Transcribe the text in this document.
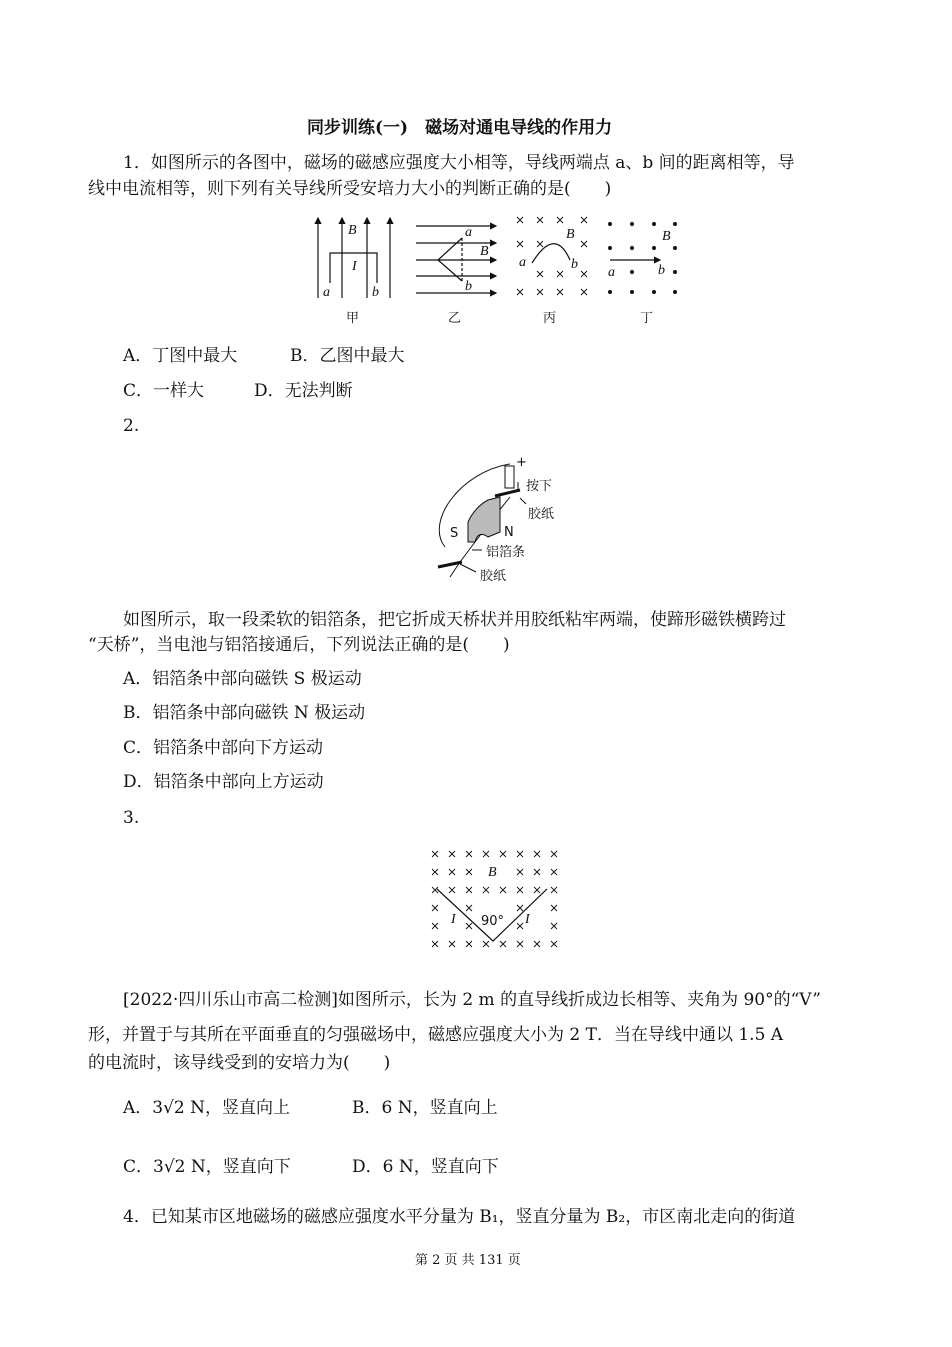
同步训练(一)　磁场对通电导线的作用力
1．如图所示的各图中，磁场的磁感应强度大小相等，导线两端点 a、b 间的距离相等，导
线中电流相等，则下列有关导线所受安培力大小的判断正确的是(　　)
B
I
a	b
a
B
b
B
a	b
B
a	b
甲	乙	丙	丁
A．丁图中最大	B．乙图中最大
C．一样大	D．无法判断
2.
+
按下
胶纸
S	N
铝箔条
胶纸
如图所示，取一段柔软的铝箔条，把它折成天桥状并用胶纸粘牢两端，使蹄形磁铁横跨过
“天桥”，当电池与铝箔接通后，下列说法正确的是(　　)
A．铝箔条中部向磁铁 S 极运动
B．铝箔条中部向磁铁 N 极运动
C．铝箔条中部向下方运动
D．铝箔条中部向上方运动
3.
B
I	I
90°
[2022·四川乐山市高二检测]如图所示，长为 2 m 的直导线折成边长相等、夹角为 90°的“V”
形，并置于与其所在平面垂直的匀强磁场中，磁感应强度大小为 2 T．当在导线中通以 1.5 A
的电流时，该导线受到的安培力为(　　)
A．3√2 N，竖直向上	B．6 N，竖直向上
C．3√2 N，竖直向下	D．6 N，竖直向下
4．已知某市区地磁场的磁感应强度水平分量为 B₁，竖直分量为 B₂，市区南北走向的街道
第 2 页 共 131 页
